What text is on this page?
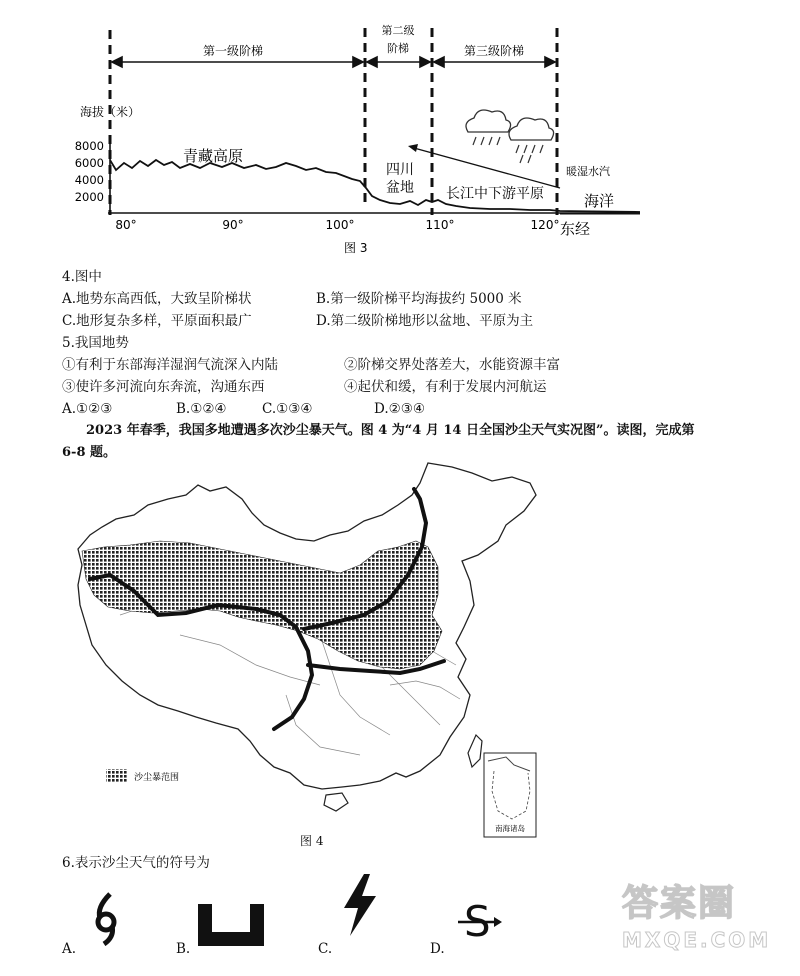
第一级阶梯
第二级
阶梯	第三级阶梯
海拔（米）
8000
6000
4000
2000
80°	90°	100°	110°	120°
青藏高原
四川
盆地 长江中下游平原
暖湿水汽
海洋
东经
图 3
4.图中
A.地势东高西低，大致呈阶梯状	B.第一级阶梯平均海拔约 5000 米
C.地形复杂多样，平原面积最广	D.第二级阶梯地形以盆地、平原为主
5.我国地势
①有利于东部海洋湿润气流深入内陆	②阶梯交界处落差大，水能资源丰富
③使许多河流向东奔流，沟通东西	④起伏和缓，有利于发展内河航运
A.①②③	B.①②④	C.①③④	D.②③④
2023 年春季，我国多地遭遇多次沙尘暴天气。图 4 为“4 月 14 日全国沙尘天气实况图”。读图，完成第
6-8 题。
沙尘暴范围
南海诸岛
图 4
6.表示沙尘天气的符号为
A.	B.	C.
S
D.
答案圈
MXQE.COM
